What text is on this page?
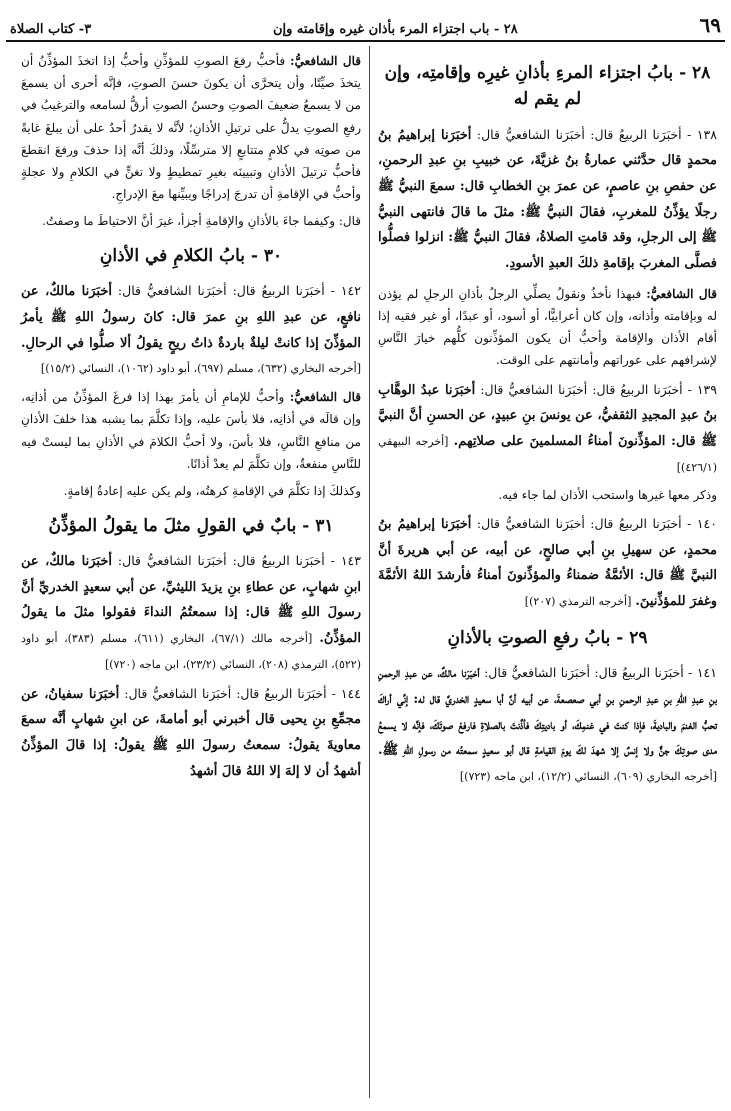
٦٩
٢٨ - باب اجتزاء المرء بأذان غيره وإقامته وإن
٣- كتاب الصلاة
٢٨ - بابُ اجتزاء المرءِ بأذانِ غيرِه وإقامتِه، وإن لم يقم له
١٣٨ - أخبَرَنا الربيعُ قال: أخبَرَنا الشافعيُّ قال: أخبَرَنا إبراهيمُ بنُ محمدٍ قال حدَّثني عمارةُ بنُ غزيَّةَ، عن خبيبِ بنِ عبدِ الرحمنِ، عن حفصِ بنِ عاصمٍ، عن عمرَ بنِ الخطابِ قال: سمعَ النبيُّ ﷺ رجلًا يؤذِّنُ للمغربِ، فقالَ النبيُّ ﷺ: مثلَ ما قالَ فانتهى النبيُّ ﷺ إلى الرجلِ، وقد قامتِ الصلاةُ، فقالَ النبيُّ ﷺ: انزلوا فصلُّوا فصلَّى المغربَ بإقامةِ ذلكَ العبدِ الأسودِ.
قال الشافعيُّ: فبهذا نأخذُ ونقولُ يصلِّي الرجلُ بأذانِ الرجلِ لم يؤذن له وبإقامته وأذانه، وإن كان أعرابيًّا، أو أسود، أو عبدًا، أو غير فقيه إذا أقام الأذان والإقامة وأحبُّ أن يكون المؤذِّنون كلُّهم خيارَ النَّاسِ لإشرافهم على عوراتهم وأمانتهم على الوقت.
١٣٩ - أخبَرَنا الربيعُ قال: أخبَرَنا الشافعيُّ قال: أخبَرَنا عبدُ الوهَّابِ بنُ عبدِ المجيدِ الثقفيُّ، عن يونسَ بنِ عبيدٍ، عن الحسنِ أنَّ النبيَّ ﷺ قال: المؤذِّنونَ أمناءُ المسلمينَ على صلاتِهم. [أخرجه البيهقي (٤٢٦/١)]
وذكر معها غيرها واستحب الأذان لما جاء فيه.
١٤٠ - أخبَرَنا الربيعُ قال: أخبَرَنا الشافعيُّ قال: أخبَرَنا إبراهيمُ بنُ محمدٍ، عن سهيلِ بنِ أبي صالحٍ، عن أبيه، عن أبي هريرةَ أنَّ النبيَّ ﷺ قال: الأئمَّةُ ضمناءُ والمؤذِّنونَ أمناءُ فأرشدَ اللهُ الأئمَّةَ وغفرَ للمؤذِّنينَ. [أخرجه الترمذي (٢٠٧)]
٢٩ - بابُ رفعِ الصوتِ بالأذانِ
١٤١ - أخبَرَنا الربيعُ قال: أخبَرَنا الشافعيُّ قال: أخبَرَنا مالكٌ، عن عبدِ الرحمنِ بنِ عبدِ اللهِ بنِ عبدِ الرحمنِ بنِ أبي صعصعةَ، عن أبيه أنَّ أبا سعيدٍ الخدريَّ قال له: إنِّي أراكَ تحبُّ الغنمَ والباديةَ، فإذا كنتَ في غنمِكَ، أو باديتِكَ فأذَّنتَ بالصلاةِ فارفعْ صوتَكَ، فإنَّه لا يسمعُ مدى صوتِكَ جنٌّ ولا إنسٌ إلا شهدَ لكَ يومَ القيامةِ قال أبو سعيدٍ سمعتُه من رسولِ اللهِ ﷺ. [أخرجه البخاري (٦٠٩)، النسائي (١٢/٢)، ابن ماجه (٧٢٣)]
قال الشافعيُّ: فأحبُّ رفعَ الصوتِ للمؤذِّنِ وأحبُّ إذا اتخذَ المؤذِّنُ أن يتخذَ صيِّتًا، وأن يتحرَّى أن يكونَ حسنَ الصوتِ، فإنَّه أحرى أن يسمعَ من لا يسمعُ ضعيفَ الصوتِ وحسنُ الصوتِ أرقُّ لسامعه والترغيبُ في رفعِ الصوتِ يدلُّ على ترتيلِ الأذانِ؛ لأنَّه لا يقدرُ أحدٌ على أن يبلغَ غايةً من صوتِه في كلامٍ متتابعٍ إلا مترسِّلًا، وذلكَ أنَّه إذا حذفَ ورفعَ انقطعَ فأحبُّ ترتيلَ الأذانِ وتبيينَه بغيرِ تمطيطٍ ولا تغنٍّ في الكلامِ ولا عجلةٍ وأحبُّ في الإقامةِ أن تدرجَ إدراجًا ويبيِّنها معَ الإدراجِ.
قال: وكيفما جاءَ بالأذانِ والإقامةِ أجزأ، غيرَ أنَّ الاحتياطَ ما وصفتُ.
٣٠ - بابُ الكلامِ في الأذانِ
١٤٢ - أخبَرَنا الربيعُ قال: أخبَرَنا الشافعيُّ قال: أخبَرَنا مالكٌ، عن نافعٍ، عن عبدِ اللهِ بنِ عمرَ قال: كانَ رسولُ اللهِ ﷺ يأمرُ المؤذِّنَ إذا كانتْ ليلةٌ باردةٌ ذاتُ ريحٍ يقولُ ألا صلُّوا في الرحالِ. [أخرجه البخاري (٦٣٢)، مسلم (٦٩٧)، أبو داود (١٠٦٢)، النسائي (١٥/٢)]
قال الشافعيُّ: وأحبُّ للإمامِ أن يأمرَ بهذا إذا فرغَ المؤذِّنُ من أذانِه، وإن قالَه في أذانِه، فلا بأسَ عليه، وإذا تكلَّمَ بما يشبه هذا خلفَ الأذانِ من منافعِ النَّاسِ، فلا بأسَ، ولا أحبُّ الكلامَ في الأذانِ بما ليستْ فيه للنَّاسِ منفعةٌ، وإن تكلَّمَ لم يعدْ أذانًا.
وكذلكَ إذا تكلَّمَ في الإقامةِ كرهتُه، ولم يكن عليه إعادةُ إقامةٍ.
٣١ - بابٌ في القولِ مثلَ ما يقولُ المؤذِّنُ
١٤٣ - أخبَرَنا الربيعُ قال: أخبَرَنا الشافعيُّ قال: أخبَرَنا مالكٌ، عن ابنِ شهابٍ، عن عطاءِ بنِ يزيدَ الليثيِّ، عن أبي سعيدٍ الخدريِّ أنَّ رسولَ اللهِ ﷺ قال: إذا سمعتُمُ النداءَ فقولوا مثلَ ما يقولُ المؤذِّنُ. [أخرجه مالك (٦٧/١)، البخاري (٦١١)، مسلم (٣٨٣)، أبو داود (٥٢٢)، الترمذي (٢٠٨)، النسائي (٢٣/٢)، ابن ماجه (٧٢٠)]
١٤٤ - أخبَرَنا الربيعُ قال: أخبَرَنا الشافعيُّ قال: أخبَرَنا سفيانُ، عن مجمِّعِ بنِ يحيى قال أخبرني أبو أمامةَ، عن ابنِ شهابٍ أنَّه سمعَ معاويةَ يقولُ: سمعتُ رسولَ اللهِ ﷺ يقولُ: إذا قالَ المؤذِّنُ أشهدُ أن لا إلهَ إلا اللهُ قالَ أشهدُ
